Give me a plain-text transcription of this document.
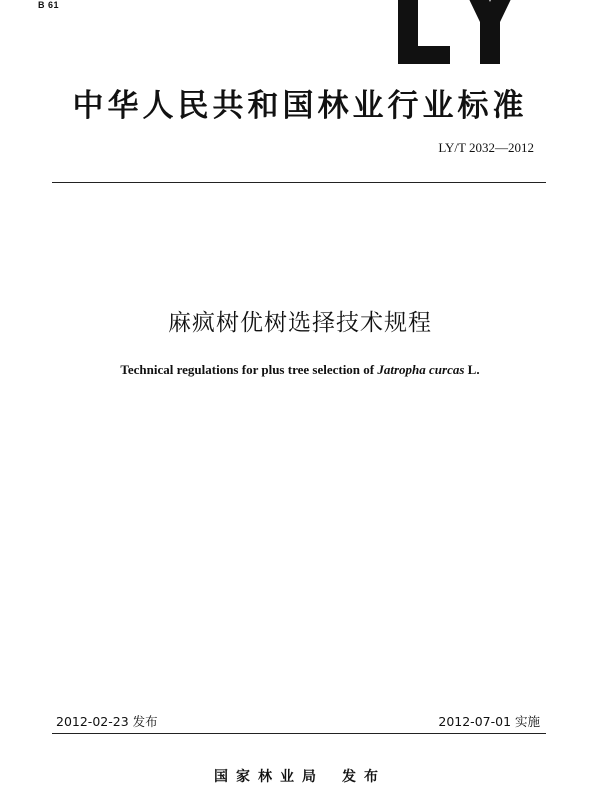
B 61
中华人民共和国林业行业标准
LY/T 2032—2012
麻疯树优树选择技术规程
Technical regulations for plus tree selection of Jatropha curcas L.
2012-02-23 发布	2012-07-01 实施
国家林业局 发布
